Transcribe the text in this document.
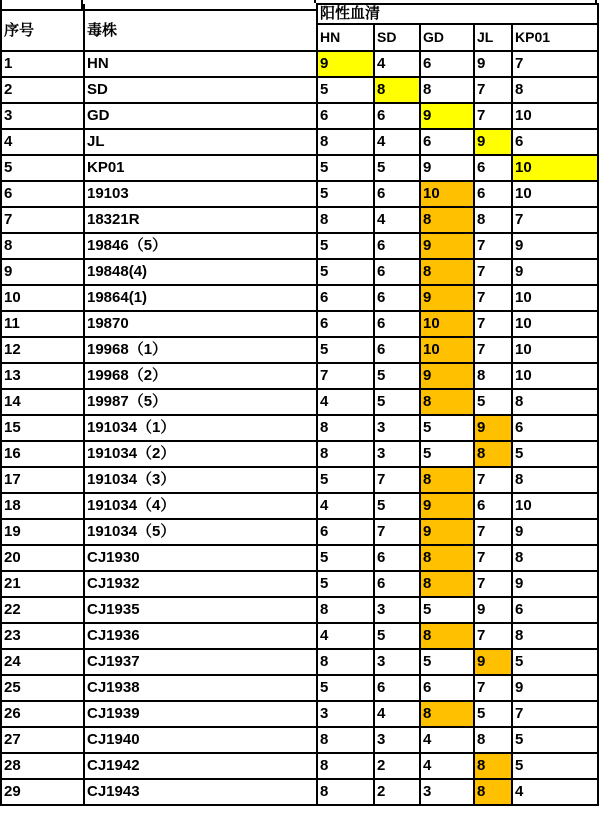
序号	毒株	阳性血清				
		HN	SD	GD	JL	KP01
1	HN	9	4	6	9	7
2	SD	5	8	8	7	8
3	GD	6	6	9	7	10
4	JL	8	4	6	9	6
5	KP01	5	5	9	6	10
6	19103	5	6	10	6	10
7	18321R	8	4	8	8	7
8	19846（5）	5	6	9	7	9
9	19848(4)	5	6	8	7	9
10	19864(1)	6	6	9	7	10
11	19870	6	6	10	7	10
12	19968（1）	5	6	10	7	10
13	19968（2）	7	5	9	8	10
14	19987（5）	4	5	8	5	8
15	191034（1）	8	3	5	9	6
16	191034（2）	8	3	5	8	5
17	191034（3）	5	7	8	7	8
18	191034（4）	4	5	9	6	10
19	191034（5）	6	7	9	7	9
20	CJ1930	5	6	8	7	8
21	CJ1932	5	6	8	7	9
22	CJ1935	8	3	5	9	6
23	CJ1936	4	5	8	7	8
24	CJ1937	8	3	5	9	5
25	CJ1938	5	6	6	7	9
26	CJ1939	3	4	8	5	7
27	CJ1940	8	3	4	8	5
28	CJ1942	8	2	4	8	5
29	CJ1943	8	2	3	8	4
